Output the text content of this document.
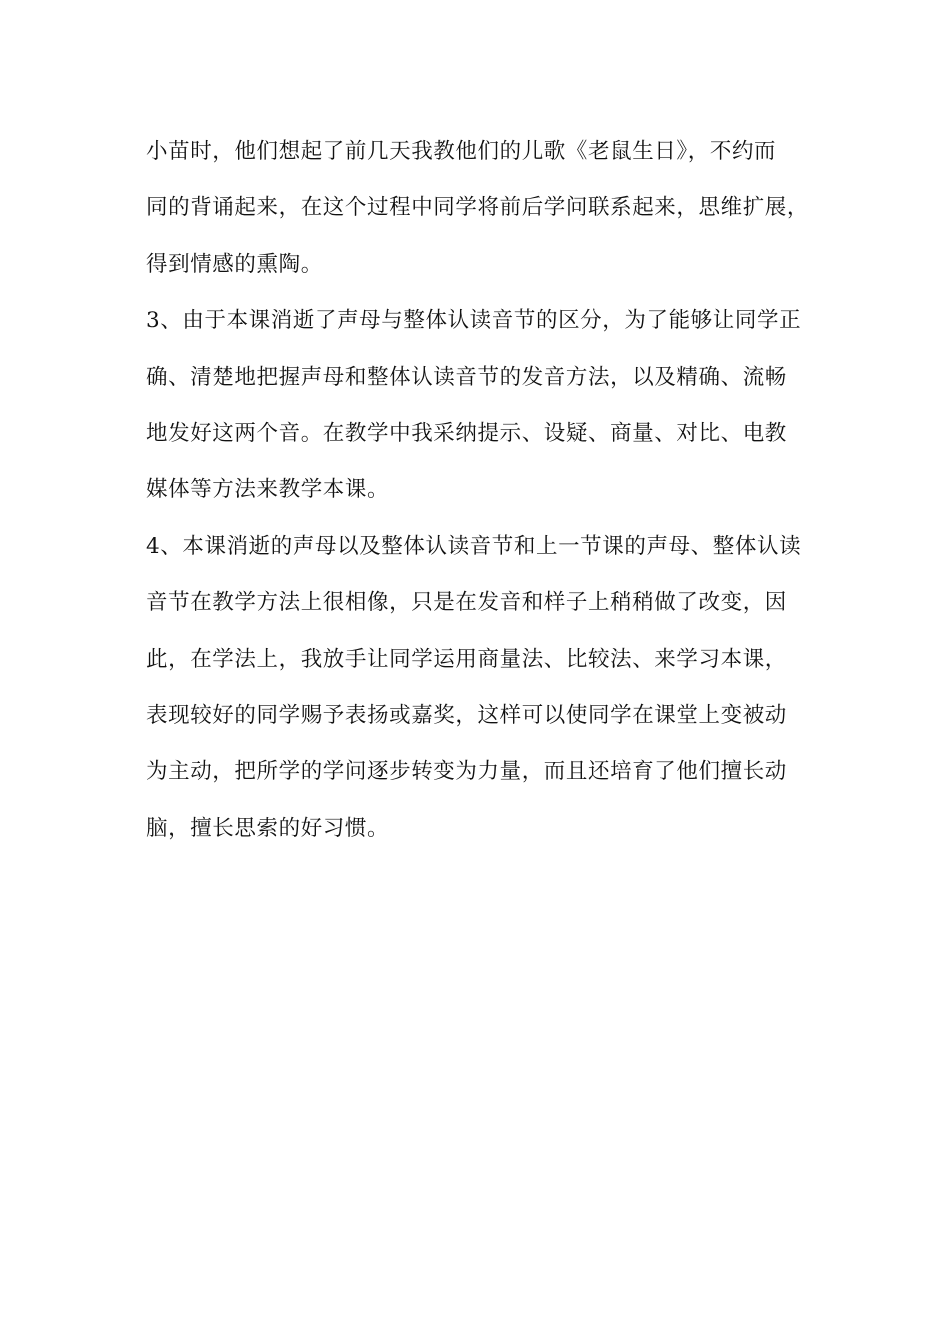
小苗时，他们想起了前几天我教他们的儿歌《老鼠生日》，不约而
同的背诵起来，在这个过程中同学将前后学问联系起来，思维扩展，
得到情感的熏陶。
3、由于本课消逝了声母与整体认读音节的区分，为了能够让同学正
确、清楚地把握声母和整体认读音节的发音方法，以及精确、流畅
地发好这两个音。在教学中我采纳提示、设疑、商量、对比、电教
媒体等方法来教学本课。
4、本课消逝的声母以及整体认读音节和上一节课的声母、整体认读
音节在教学方法上很相像，只是在发音和样子上稍稍做了改变，因
此，在学法上，我放手让同学运用商量法、比较法、来学习本课，
表现较好的同学赐予表扬或嘉奖，这样可以使同学在课堂上变被动
为主动，把所学的学问逐步转变为力量，而且还培育了他们擅长动
脑，擅长思索的好习惯。
